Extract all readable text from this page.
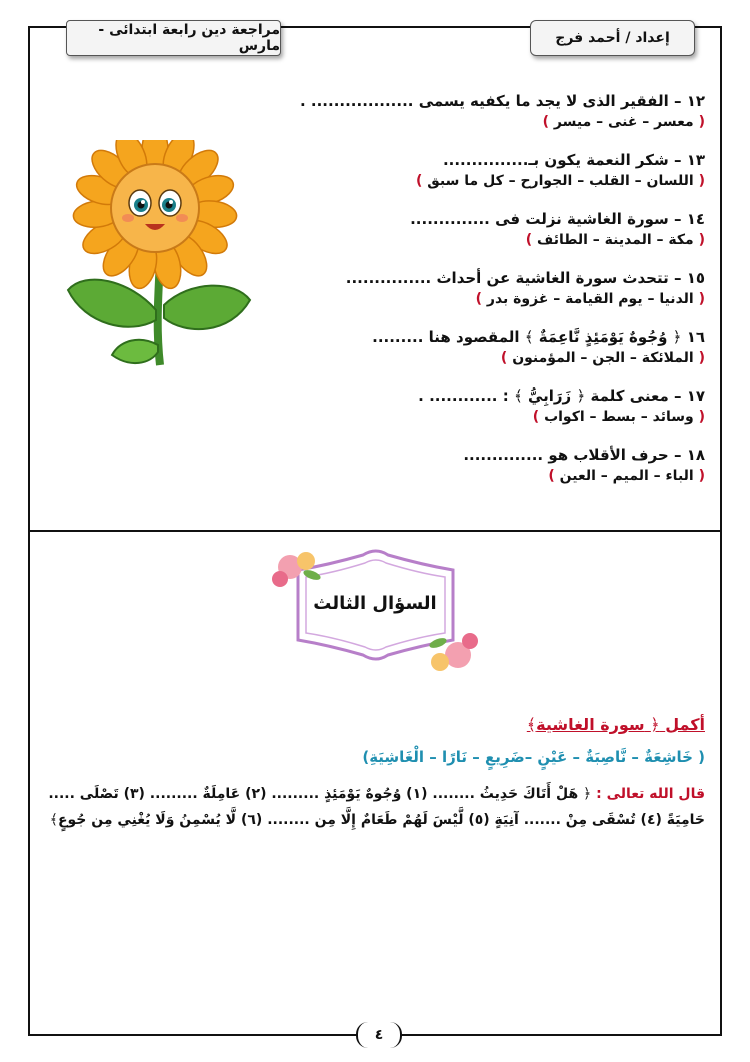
إعداد / أحمد فرج
مراجعة دين رابعة ابتدائى - مارس
١٢ – الفقير الذى لا يجد ما يكفيه يسمى .................. .
( معسر – غنى – ميسر )
١٣ – شكر النعمة يكون بـ...............
( اللسان – القلب – الجوارح – كل ما سبق )
١٤ – سورة الغاشية نزلت فى ..............
( مكة – المدينة – الطائف )
١٥ – تتحدث سورة الغاشية عن أحداث ...............
( الدنيا – يوم القيامة – غزوة بدر )
١٦ ﴿ وُجُوهٌ يَوْمَئِذٍ نَّاعِمَةٌ ﴾ المقصود هنا .........
( الملائكة – الجن – المؤمنون )
١٧ – معنى كلمة ﴿ زَرَابِيُّ ﴾ : ............ .
( وسائد – بسط – اكواب )
١٨ – حرف الأقلاب هو ..............
( الباء – الميم – العين )
السؤال الثالث
أكمل ﴿ سورة الغاشية﴾
( خَاشِعَةٌ – نَّاصِبَةٌ – عَيْنٍ –ضَرِيعٍ – نَارًا – الْغَاشِيَةِ)
قال الله تعالى : ﴿ هَلْ أَتَاكَ حَدِيثُ ........ (١) وُجُوهٌ يَوْمَئِذٍ ......... (٢) عَامِلَةٌ ......... (٣) تَصْلَى .....
حَامِيَةً (٤) تُسْقَى مِنْ ....... آنِيَةٍ (٥) لَّيْسَ لَهُمْ طَعَامٌ إِلَّا مِن ........ (٦) لَّا يُسْمِنُ وَلَا يُغْنِي مِن جُوعٍ﴾
٤
